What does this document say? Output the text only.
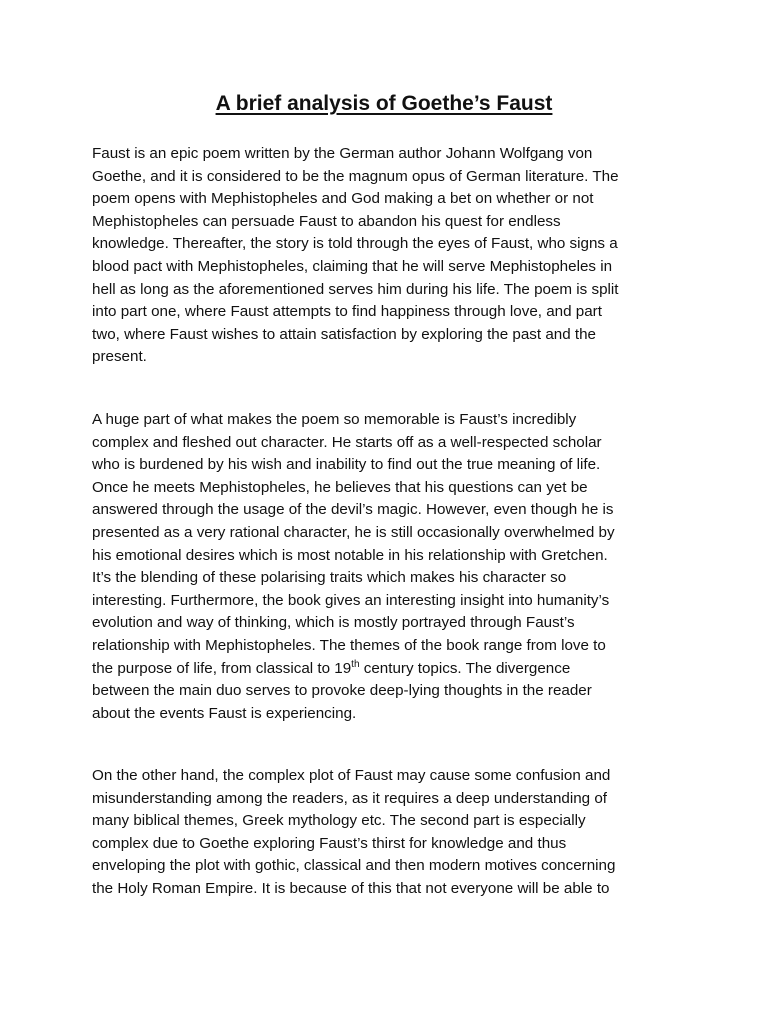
A brief analysis of Goethe’s Faust
Faust is an epic poem written by the German author Johann Wolfgang von
Goethe, and it is considered to be the magnum opus of German literature. The
poem opens with Mephistopheles and God making a bet on whether or not
Mephistopheles can persuade Faust to abandon his quest for endless
knowledge. Thereafter, the story is told through the eyes of Faust, who signs a
blood pact with Mephistopheles, claiming that he will serve Mephistopheles in
hell as long as the aforementioned serves him during his life. The poem is split
into part one, where Faust attempts to find happiness through love, and part
two, where Faust wishes to attain satisfaction by exploring the past and the
present.
A huge part of what makes the poem so memorable is Faust’s incredibly
complex and fleshed out character. He starts off as a well-respected scholar
who is burdened by his wish and inability to find out the true meaning of life.
Once he meets Mephistopheles, he believes that his questions can yet be
answered through the usage of the devil’s magic. However, even though he is
presented as a very rational character, he is still occasionally overwhelmed by
his emotional desires which is most notable in his relationship with Gretchen.
It’s the blending of these polarising traits which makes his character so
interesting. Furthermore, the book gives an interesting insight into humanity’s
evolution and way of thinking, which is mostly portrayed through Faust’s
relationship with Mephistopheles. The themes of the book range from love to
the purpose of life, from classical to 19th century topics. The divergence
between the main duo serves to provoke deep-lying thoughts in the reader
about the events Faust is experiencing.
On the other hand, the complex plot of Faust may cause some confusion and
misunderstanding among the readers, as it requires a deep understanding of
many biblical themes, Greek mythology etc. The second part is especially
complex due to Goethe exploring Faust’s thirst for knowledge and thus
enveloping the plot with gothic, classical and then modern motives concerning
the Holy Roman Empire. It is because of this that not everyone will be able to
